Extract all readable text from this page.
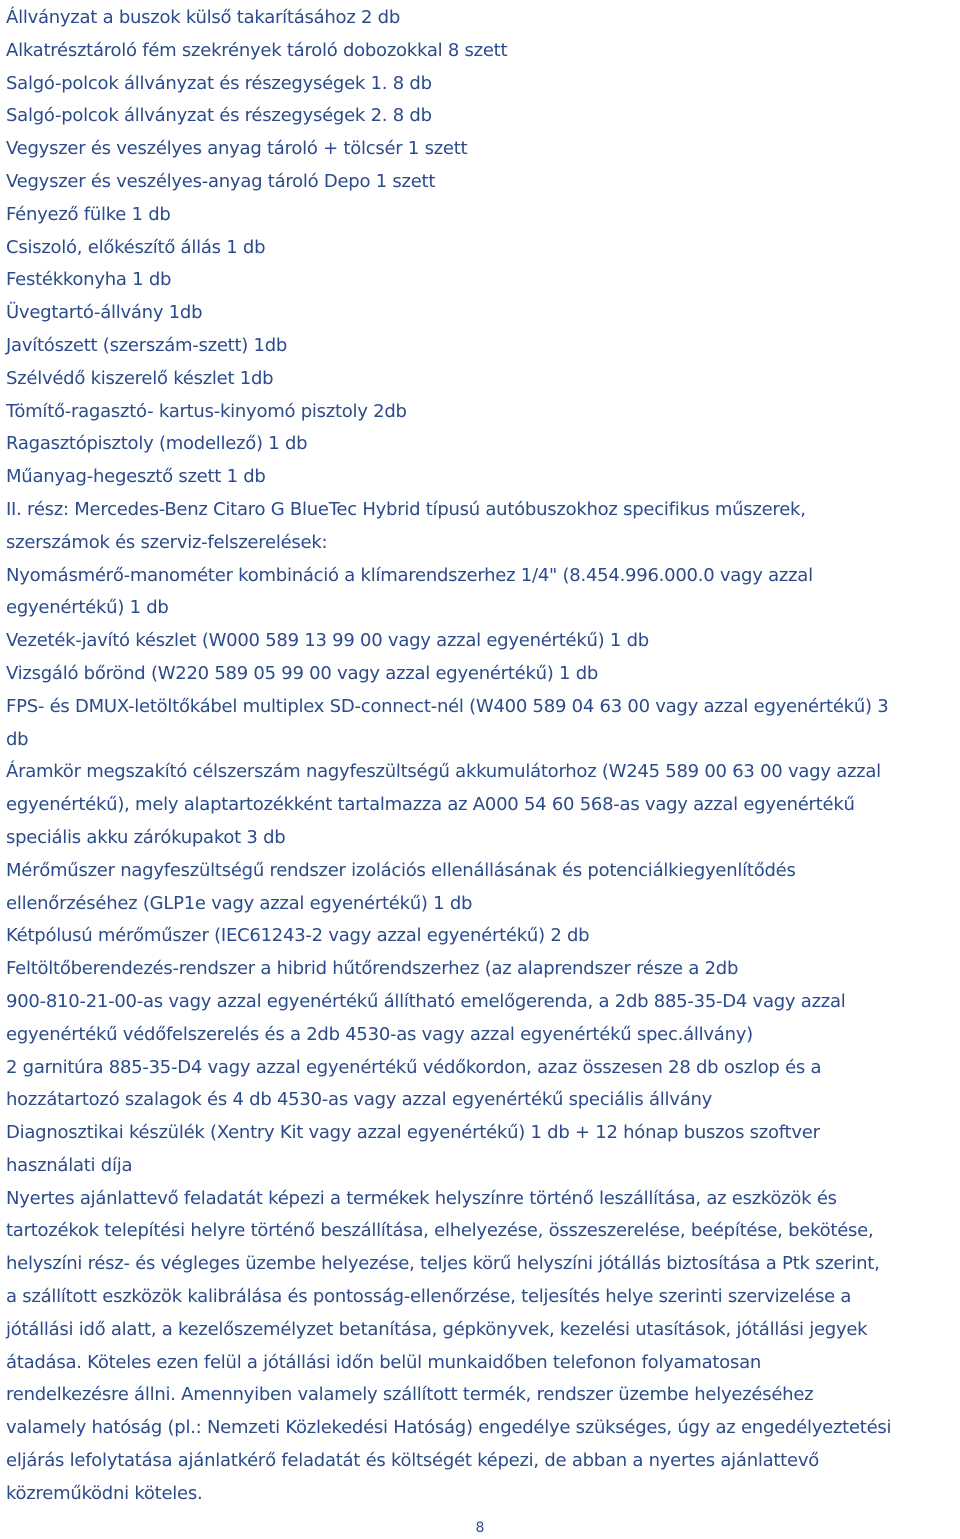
Állványzat a buszok külső takarításához 2 db
Alkatrésztároló fém szekrények tároló dobozokkal 8 szett
Salgó-polcok állványzat és részegységek 1. 8 db
Salgó-polcok állványzat és részegységek 2. 8 db
Vegyszer és veszélyes anyag tároló + tölcsér 1 szett
Vegyszer és veszélyes-anyag tároló Depo 1 szett
Fényező fülke 1 db
Csiszoló, előkészítő állás 1 db
Festékkonyha 1 db
Üvegtartó-állvány 1db
Javítószett (szerszám-szett) 1db
Szélvédő kiszerelő készlet 1db
Tömítő-ragasztó- kartus-kinyomó pisztoly 2db
Ragasztópisztoly (modellező) 1 db
Műanyag-hegesztő szett 1 db
II. rész: Mercedes-Benz Citaro G BlueTec Hybrid típusú autóbuszokhoz specifikus műszerek,
szerszámok és szerviz-felszerelések:
Nyomásmérő-manométer kombináció a klímarendszerhez 1/4" (8.454.996.000.0 vagy azzal
egyenértékű) 1 db
Vezeték-javító készlet (W000 589 13 99 00 vagy azzal egyenértékű) 1 db
Vizsgáló bőrönd (W220 589 05 99 00 vagy azzal egyenértékű) 1 db
FPS- és DMUX-letöltőkábel multiplex SD-connect-nél (W400 589 04 63 00 vagy azzal egyenértékű) 3
db
Áramkör megszakító célszerszám nagyfeszültségű akkumulátorhoz (W245 589 00 63 00 vagy azzal
egyenértékű), mely alaptartozékként tartalmazza az A000 54 60 568-as vagy azzal egyenértékű
speciális akku zárókupakot 3 db
Mérőműszer nagyfeszültségű rendszer izolációs ellenállásának és potenciálkiegyenlítődés
ellenőrzéséhez (GLP1e vagy azzal egyenértékű) 1 db
Kétpólusú mérőműszer (IEC61243-2 vagy azzal egyenértékű) 2 db
Feltöltőberendezés-rendszer a hibrid hűtőrendszerhez (az alaprendszer része a 2db
900-810-21-00-as vagy azzal egyenértékű állítható emelőgerenda, a 2db 885-35-D4 vagy azzal
egyenértékű védőfelszerelés és a 2db 4530-as vagy azzal egyenértékű spec.állvány)
2 garnitúra 885-35-D4 vagy azzal egyenértékű védőkordon, azaz összesen 28 db oszlop és a
hozzátartozó szalagok és 4 db 4530-as vagy azzal egyenértékű speciális állvány
Diagnosztikai készülék (Xentry Kit vagy azzal egyenértékű) 1 db + 12 hónap buszos szoftver
használati díja
Nyertes ajánlattevő feladatát képezi a termékek helyszínre történő leszállítása, az eszközök és
tartozékok telepítési helyre történő beszállítása, elhelyezése, összeszerelése, beépítése, bekötése,
helyszíni rész- és végleges üzembe helyezése, teljes körű helyszíni jótállás biztosítása a Ptk szerint,
a szállított eszközök kalibrálása és pontosság-ellenőrzése, teljesítés helye szerinti szervizelése a
jótállási idő alatt, a kezelőszemélyzet betanítása, gépkönyvek, kezelési utasítások, jótállási jegyek
átadása. Köteles ezen felül a jótállási időn belül munkaidőben telefonon folyamatosan
rendelkezésre állni. Amennyiben valamely szállított termék, rendszer üzembe helyezéséhez
valamely hatóság (pl.: Nemzeti Közlekedési Hatóság) engedélye szükséges, úgy az engedélyeztetési
eljárás lefolytatása ajánlatkérő feladatát és költségét képezi, de abban a nyertes ajánlattevő
közreműködni köteles.
8
